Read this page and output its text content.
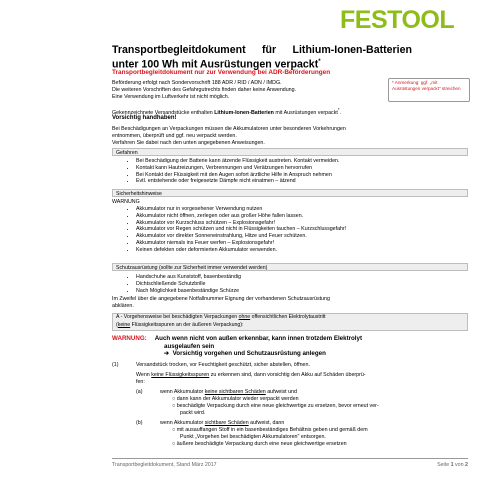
FESTOOL
Transportbegleitdokument für Lithium-Ionen-Batterien
unter 100 Wh mit Ausrüstungen verpackt*
* Anmerkung: ggf. „mit Ausrüstungen verpackt" streichen
Transportbegleitdokument nur zur Verwendung bei ADR-Beförderungen
Beförderung erfolgt nach Sondervorschrift 188 ADR / RID / ADN / IMDG.
Die weiteren Vorschriften des Gefahrgutrechts finden daher keine Anwendung.
Eine Verwendung im Luftverkehr ist nicht möglich.
Gekennzeichnete Versandstücke enthalten Lithium-Ionen-Batterien mit Ausrüstungen verpackt*.
Vorsichtig handhaben!
Bei Beschädigungen an Verpackungen müssen die Akkumulatoren unter besonderen Vorkehrungen
entnommen, überprüft und ggf. neu verpackt werden.
Verfahren Sie dabei nach den unten angegebenen Anweisungen.
Gefahren
• Bei Beschädigung der Batterie kann ätzende Flüssigkeit austreten. Kontakt vermeiden.
• Kontakt kann Hautreizungen, Verbrennungen und Verätzungen hervorrufen
• Bei Kontakt der Flüssigkeit mit den Augen sofort ärztliche Hilfe in Anspruch nehmen
• Evtl. entstehende oder freigesetzte Dämpfe nicht einatmen – ätzend
Sicherheitshinweise
WARNUNG
• Akkumulator nur in vorgesehener Verwendung nutzen
• Akkumulator nicht öffnen, zerlegen oder aus großer Höhe fallen lassen.
• Akkumulator vor Kurzschluss schützen – Explosionsgefahr!
• Akkumulator vor Regen schützen und nicht in Flüssigkeiten tauchen – Kurzschlussgefahr!
• Akkumulator vor direkter Sonneneinstrahlung, Hitze und Feuer schützen.
• Akkumulator niemals ins Feuer werfen – Explosionsgefahr!
• Keinen defekten oder deformierten Akkumulator verwenden.
Schutzausrüstung (sollte zur Sicherheit immer verwendet werden)
• Handschuhe aus Kunststoff, basenbeständig
• Dichtschließende Schutzbrille
• Nach Möglichkeit basenbeständige Schürze
Im Zweifel über die angegebene Notfallnummer Eignung der vorhandenen Schutzausrüstung
abklären.
A - Vorgehensweise bei beschädigten Verpackungen ohne offensichtlichen Elektrolytaustritt
(keine Flüssigkeitsspuren an der äußeren Verpackung):
WARNUNG: Auch wenn nicht von außen erkennbar, kann innen trotzdem Elektrolyt
ausgelaufen sein
➔ Vorsichtig vorgehen und Schutzausrüstung anlegen
(1)	Versandstück trocken, vor Feuchtigkeit geschützt, sicher abstellen, öffnen.
Wenn keine Flüssigkeitsspuren zu erkennen sind, dann vorsichtig den Akku auf Schäden überprü-
fen:
(a)	wenn Akkumulator keine sichtbaren Schäden aufweist und
○ dann kann der Akkumulator wieder verpackt werden
○ beschädigte Verpackung durch eine neue gleichwertige zu ersetzen, bevor erneut ver-
packt wird.
(b)	wenn Akkumulator sichtbare Schäden aufweist, dann
○ mit ausauffangen Stoff in ein basenbeständiges Behältnis geben und gemäß dem
Punkt „Vorgehen bei beschädigten Akkumulatoren" entsorgen.
○ äußere beschädigte Verpackung durch eine neue gleichwertige ersetzen
Transportbegleitdokument, Stand März 2017	Seite 1 von 2
